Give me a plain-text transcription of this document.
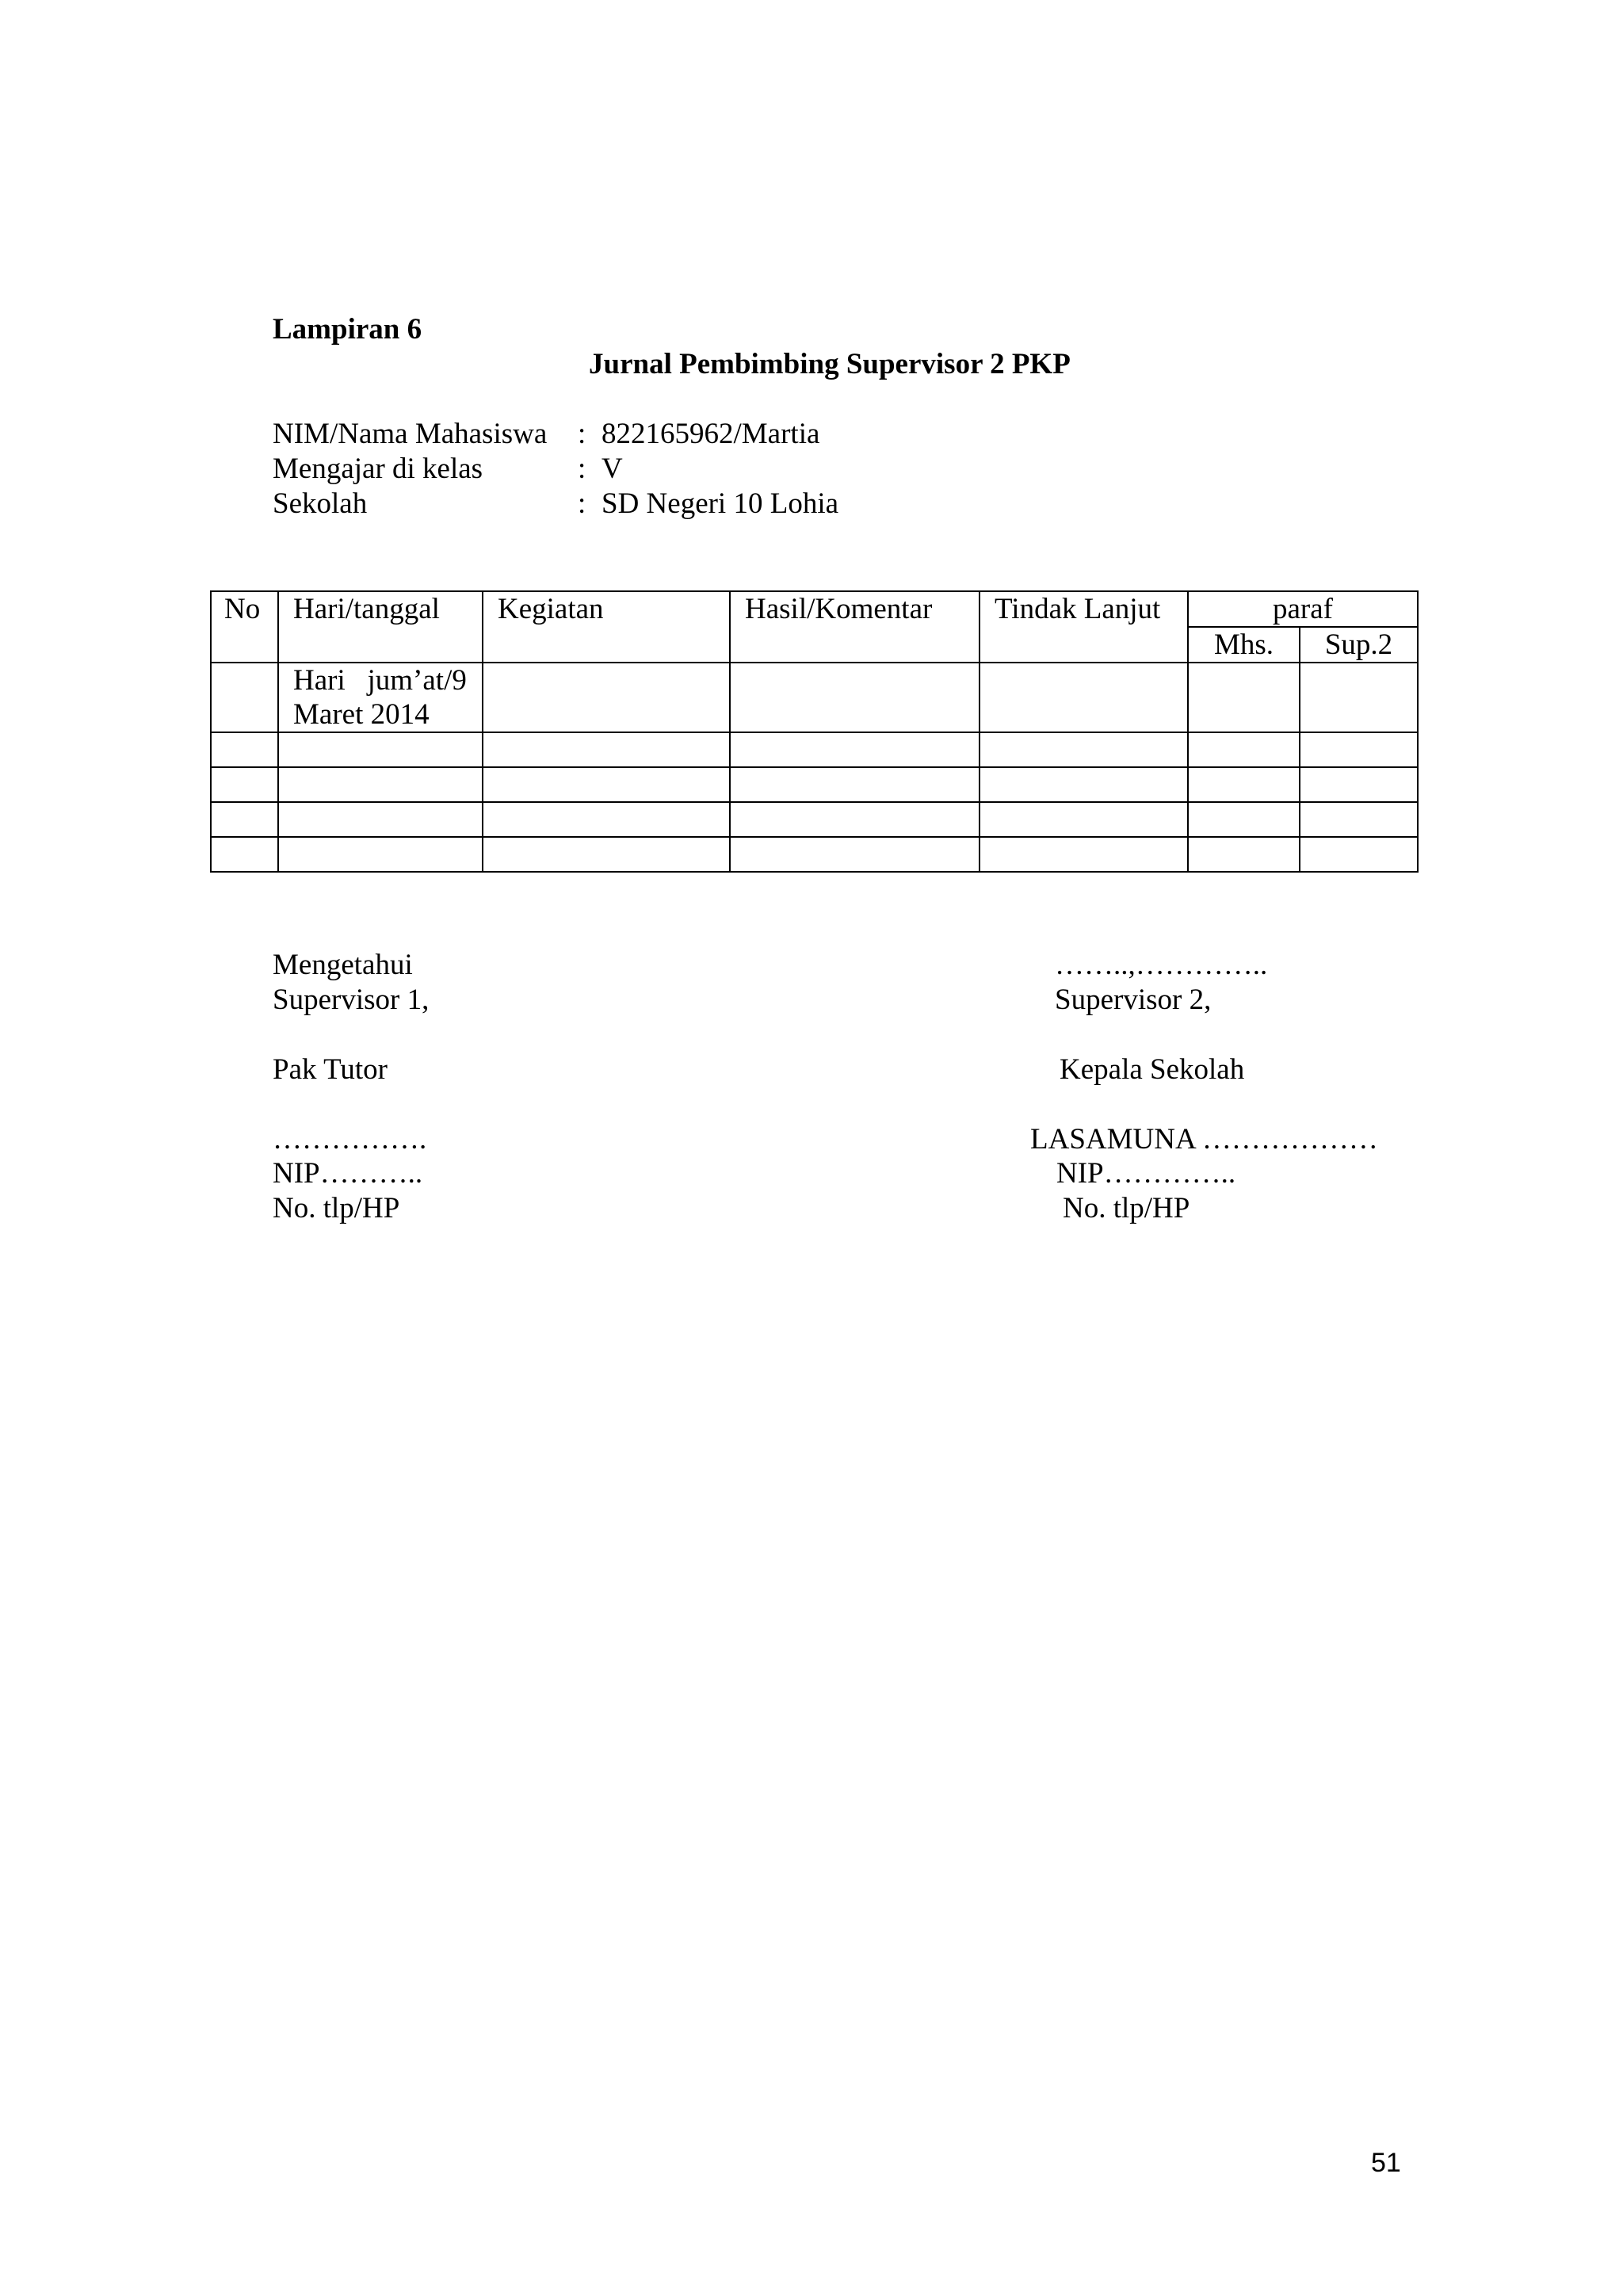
Lampiran 6
Jurnal Pembimbing Supervisor 2 PKP
NIM/Nama Mahasiswa : 822165962/Martia
Mengajar di kelas	: V
Sekolah	: SD Negeri 10 Lohia
No	Hari/tanggal	Kegiatan	Hasil/Komentar	Tindak Lanjut	paraf	
					Mhs.	Sup.2

	Hari   jum’at/9
Maret 2014					

Mengetahui
Supervisor 1,
Pak Tutor
…………….
NIP………..
No. tlp/HP
……..,…………..
Supervisor 2,
Kepala Sekolah
LASAMUNA ………………
NIP…………..
No. tlp/HP
51
